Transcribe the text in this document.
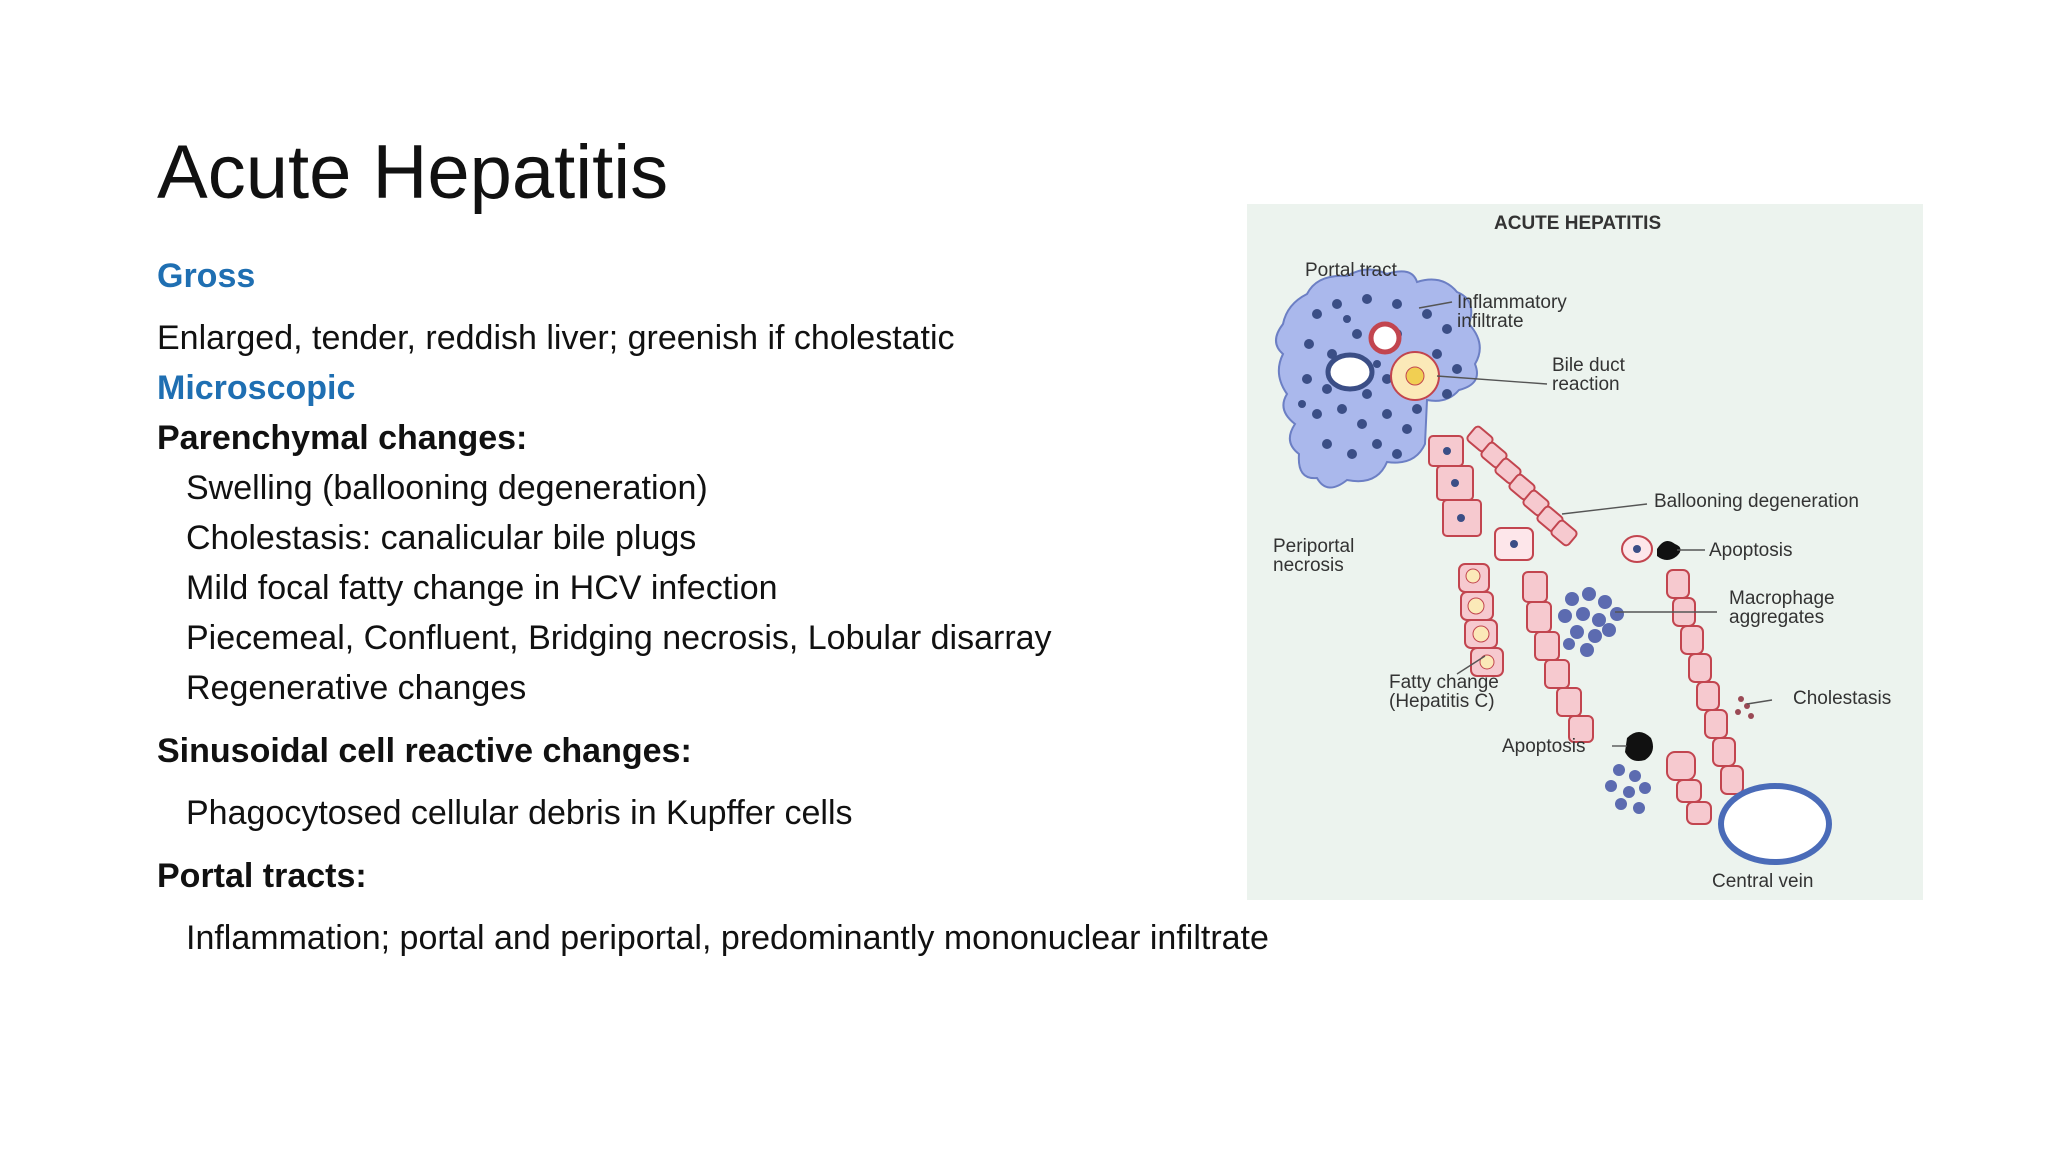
Acute Hepatitis
Gross
Enlarged, tender, reddish liver; greenish if cholestatic
Microscopic
Parenchymal changes:
Swelling (ballooning degeneration)
Cholestasis: canalicular bile plugs
Mild focal fatty change in HCV infection
Piecemeal, Confluent, Bridging necrosis, Lobular disarray
Regenerative changes
Sinusoidal cell reactive changes:
Phagocytosed cellular debris in Kupffer cells
Portal tracts:
Inflammation; portal and periportal, predominantly mononuclear infiltrate
ACUTE HEPATITIS
Portal tract
Inflammatory
infiltrate
Bile duct
reaction
Ballooning degeneration
Apoptosis
Periportal
necrosis
Macrophage
aggregates
Fatty change
(Hepatitis C)	Cholestasis
Apoptosis
Central vein
